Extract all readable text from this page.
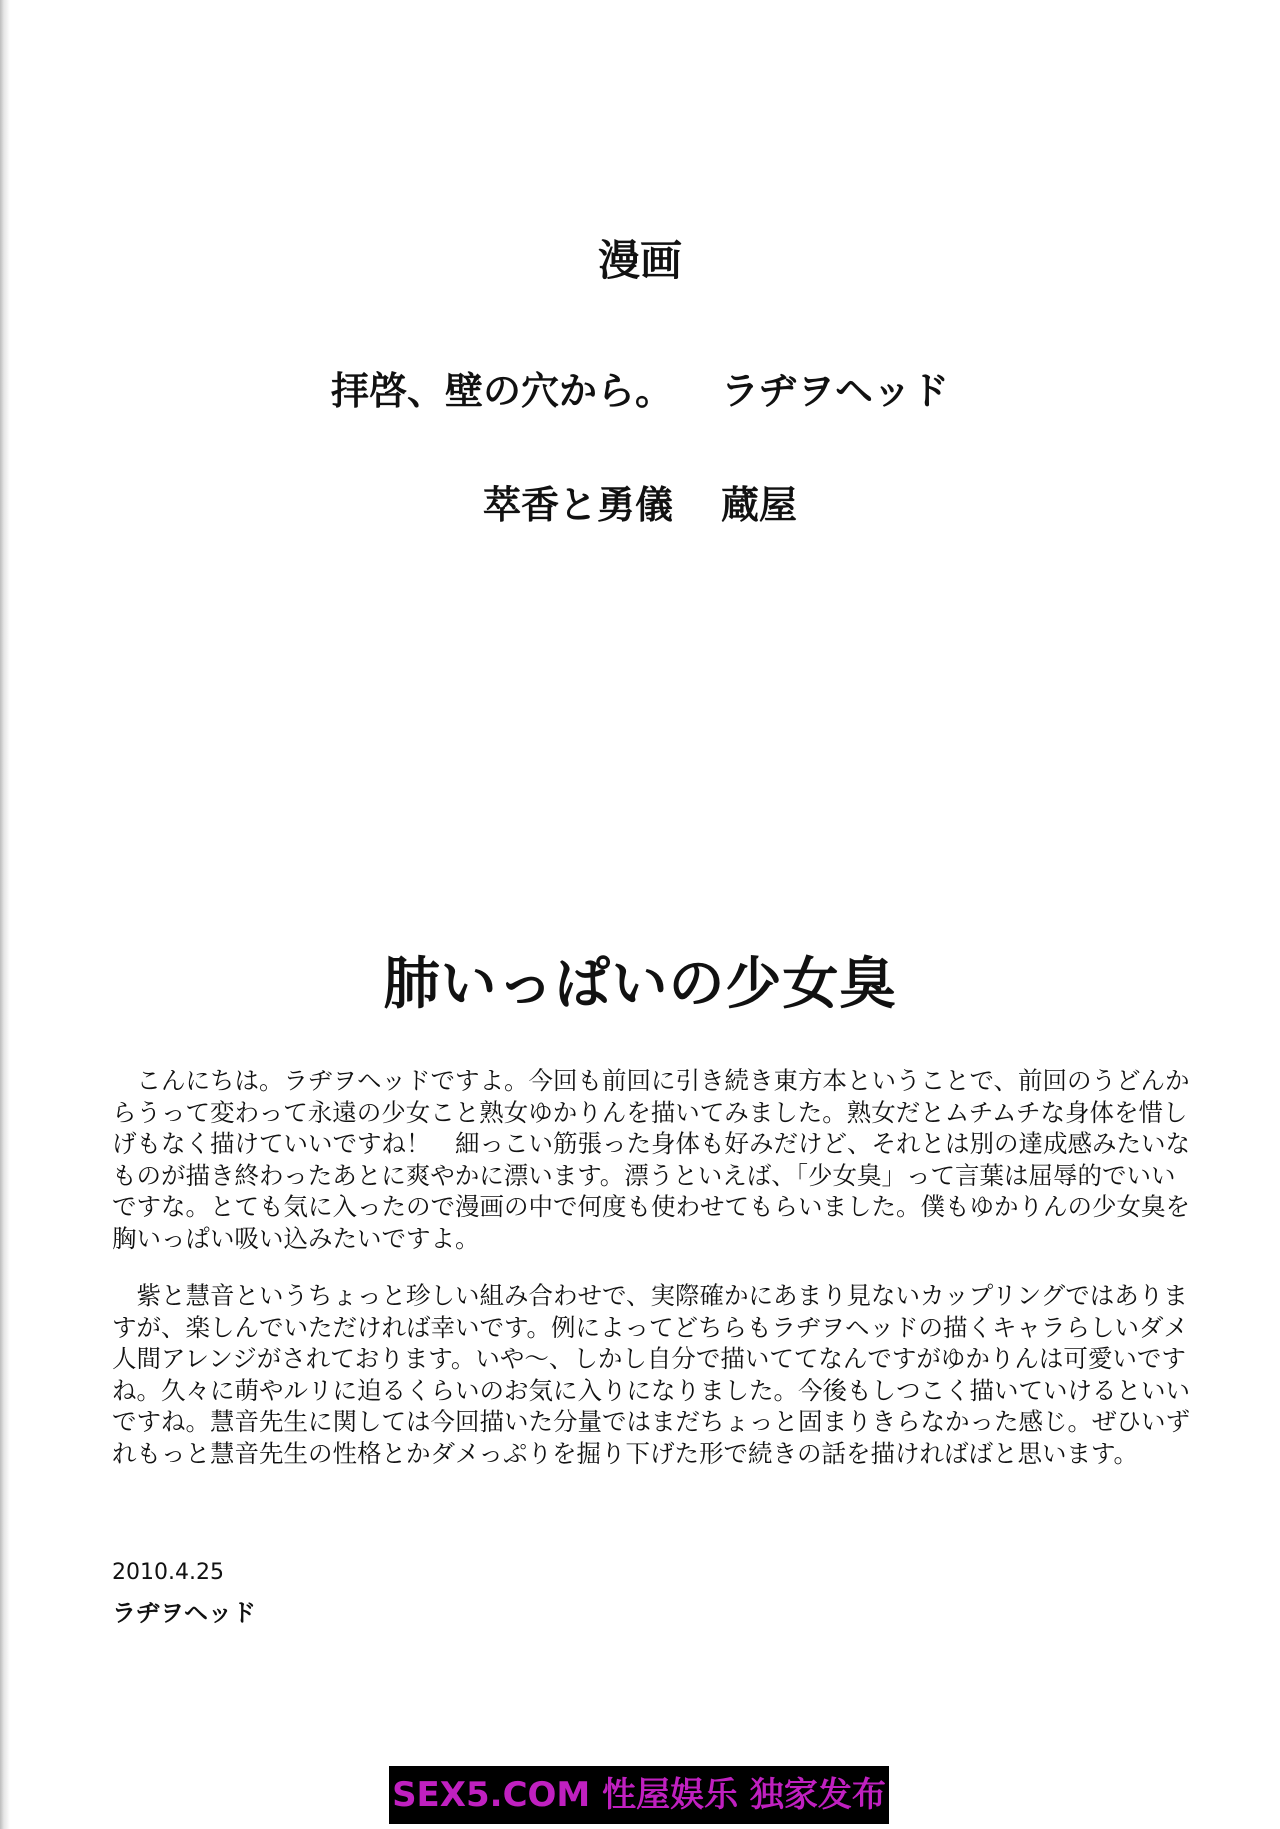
漫画
拝啓、壁の穴から。 ラヂヲヘッド
萃香と勇儀 蔵屋
肺いっぱいの少女臭

こんにちは。ラヂヲヘッドですよ。今回も前回に引き続き東方本ということで、前回のうどんからうって変わって永遠の少女こと熟女ゆかりんを描いてみました。熟女だとムチムチな身体を惜しげもなく描けていいですね！　細っこい筋張った身体も好みだけど、それとは別の達成感みたいなものが描き終わったあとに爽やかに漂います。漂うといえば、「少女臭」って言葉は屈辱的でいいですな。とても気に入ったので漫画の中で何度も使わせてもらいました。僕もゆかりんの少女臭を胸いっぱい吸い込みたいですよ。

紫と慧音というちょっと珍しい組み合わせで、実際確かにあまり見ないカップリングではありますが、楽しんでいただければ幸いです。例によってどちらもラヂヲヘッドの描くキャラらしいダメ人間アレンジがされております。いや〜、しかし自分で描いててなんですがゆかりんは可愛いですね。久々に萌やルリに迫るくらいのお気に入りになりました。今後もしつこく描いていけるといいですね。慧音先生に関しては今回描いた分量ではまだちょっと固まりきらなかった感じ。ぜひいずれもっと慧音先生の性格とかダメっぷりを掘り下げた形で続きの話を描ければばと思います。

2010.4.25
ラヂヲヘッド
SEX5.COM 性屋娱乐 独家发布
